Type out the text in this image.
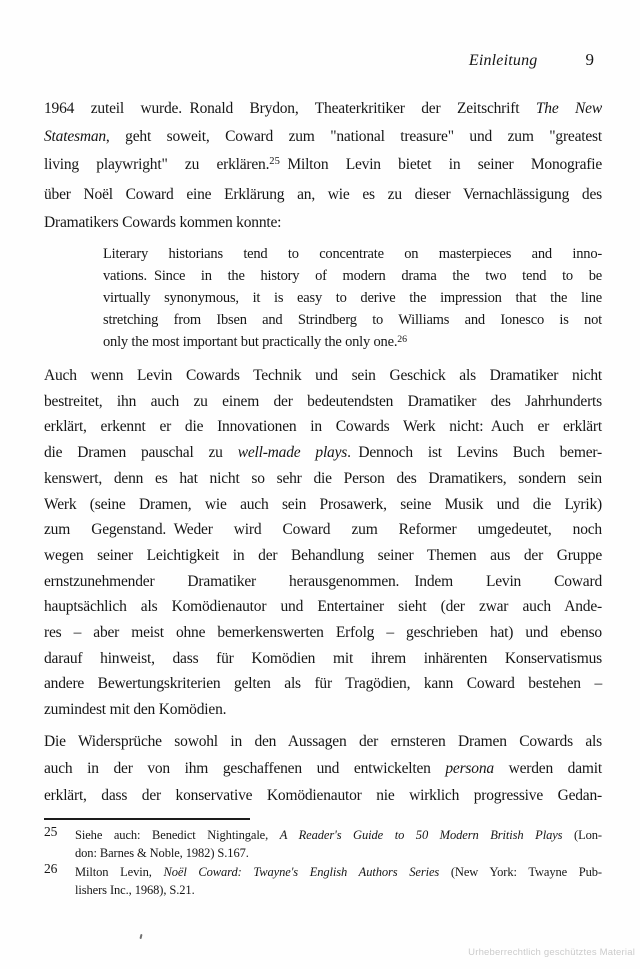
Einleitung	9
1964 zuteil wurde. Ronald Brydon, Theaterkritiker der Zeitschrift The New
Statesman, geht soweit, Coward zum "national treasure" und zum "greatest
living playwright" zu erklären.$^{25}$ Milton Levin bietet in seiner Monografie
über Noël Coward eine Erklärung an, wie es zu dieser Vernachlässigung des
Dramatikers Cowards kommen konnte:
Literary historians tend to concentrate on masterpieces and inno-
vations. Since in the history of modern drama the two tend to be
virtually synonymous, it is easy to derive the impression that the line
stretching from Ibsen and Strindberg to Williams and Ionesco is not
only the most important but practically the only one.$^{26}$
Auch wenn Levin Cowards Technik und sein Geschick als Dramatiker nicht
bestreitet, ihn auch zu einem der bedeutendsten Dramatiker des Jahrhunderts
erklärt, erkennt er die Innovationen in Cowards Werk nicht: Auch er erklärt
die Dramen pauschal zu well-made plays. Dennoch ist Levins Buch bemer-
kenswert, denn es hat nicht so sehr die Person des Dramatikers, sondern sein
Werk (seine Dramen, wie auch sein Prosawerk, seine Musik und die Lyrik)
zum Gegenstand. Weder wird Coward zum Reformer umgedeutet, noch
wegen seiner Leichtigkeit in der Behandlung seiner Themen aus der Gruppe
ernstzunehmender Dramatiker herausgenommen.  Indem Levin Coward
hauptsächlich als Komödienautor und Entertainer sieht (der zwar auch Ande-
res – aber meist ohne bemerkenswerten Erfolg – geschrieben hat) und ebenso
darauf hinweist, dass für Komödien mit ihrem inhärenten Konservatismus
andere Bewertungskriterien gelten als für Tragödien, kann Coward bestehen –
zumindest mit den Komödien.
Die Widersprüche sowohl in den Aussagen der ernsteren Dramen Cowards als
auch in der von ihm geschaffenen und entwickelten persona werden damit
erklärt, dass der konservative Komödienautor nie wirklich progressive Gedan-
25	Siehe auch: Benedict Nightingale, A Reader's Guide to 50 Modern British Plays (Lon-
don: Barnes & Noble, 1982) S.167.
26	Milton Levin, Noël Coward: Twayne's English Authors Series (New York: Twayne Pub-
lishers Inc., 1968), S.21.
Urheberrechtlich geschütztes Material
